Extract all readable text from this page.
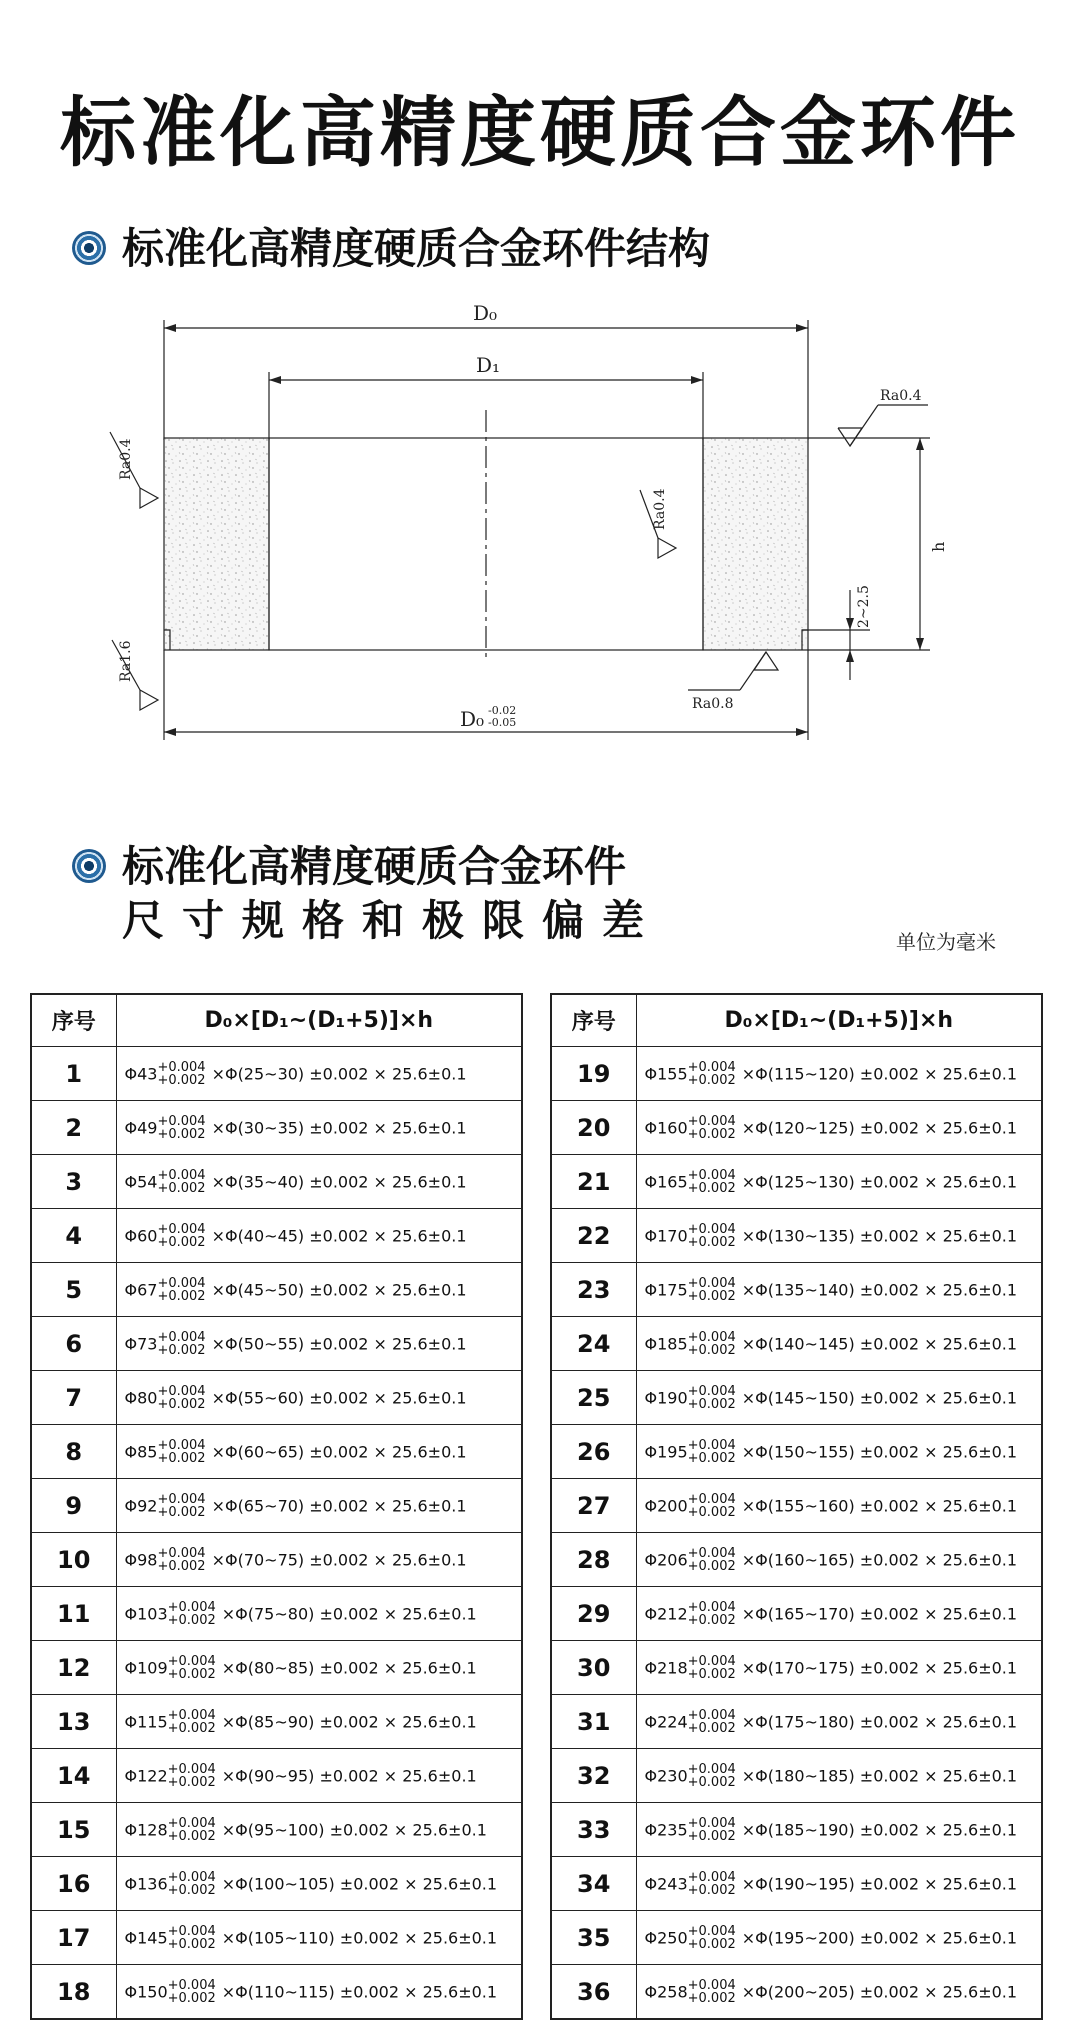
标准化高精度硬质合金环件
标准化高精度硬质合金环件结构
D₀
D₁
D₀ -0.02
-0.05
h
2~2.5
Ra0.4
Ra0.4
Ra0.4
Ra1.6
Ra0.8
标准化高精度硬质合金环件
尺寸规格和极限偏差	单位为毫米
序号	D₀×[D₁~(D₁+5)]×h
1	Φ43 +0.004
+0.002 ×Φ(25~30) ±0.002 × 25.6±0.1
2	Φ49 +0.004
+0.002 ×Φ(30~35) ±0.002 × 25.6±0.1
3	Φ54 +0.004
+0.002 ×Φ(35~40) ±0.002 × 25.6±0.1
4	Φ60 +0.004
+0.002 ×Φ(40~45) ±0.002 × 25.6±0.1
5	Φ67 +0.004
+0.002 ×Φ(45~50) ±0.002 × 25.6±0.1
6	Φ73 +0.004
+0.002 ×Φ(50~55) ±0.002 × 25.6±0.1
7	Φ80 +0.004
+0.002 ×Φ(55~60) ±0.002 × 25.6±0.1
8	Φ85 +0.004
+0.002 ×Φ(60~65) ±0.002 × 25.6±0.1
9	Φ92 +0.004
+0.002 ×Φ(65~70) ±0.002 × 25.6±0.1
10	Φ98 +0.004
+0.002 ×Φ(70~75) ±0.002 × 25.6±0.1
11	Φ103 +0.004
+0.002 ×Φ(75~80) ±0.002 × 25.6±0.1
12	Φ109 +0.004
+0.002 ×Φ(80~85) ±0.002 × 25.6±0.1
13	Φ115 +0.004
+0.002 ×Φ(85~90) ±0.002 × 25.6±0.1
14	Φ122 +0.004
+0.002 ×Φ(90~95) ±0.002 × 25.6±0.1
15	Φ128 +0.004
+0.002 ×Φ(95~100) ±0.002 × 25.6±0.1
16	Φ136 +0.004
+0.002 ×Φ(100~105) ±0.002 × 25.6±0.1
17	Φ145 +0.004
+0.002 ×Φ(105~110) ±0.002 × 25.6±0.1
18	Φ150 +0.004
+0.002 ×Φ(110~115) ±0.002 × 25.6±0.1
序号	D₀×[D₁~(D₁+5)]×h
19	Φ155 +0.004
+0.002 ×Φ(115~120) ±0.002 × 25.6±0.1
20	Φ160 +0.004
+0.002 ×Φ(120~125) ±0.002 × 25.6±0.1
21	Φ165 +0.004
+0.002 ×Φ(125~130) ±0.002 × 25.6±0.1
22	Φ170 +0.004
+0.002 ×Φ(130~135) ±0.002 × 25.6±0.1
23	Φ175 +0.004
+0.002 ×Φ(135~140) ±0.002 × 25.6±0.1
24	Φ185 +0.004
+0.002 ×Φ(140~145) ±0.002 × 25.6±0.1
25	Φ190 +0.004
+0.002 ×Φ(145~150) ±0.002 × 25.6±0.1
26	Φ195 +0.004
+0.002 ×Φ(150~155) ±0.002 × 25.6±0.1
27	Φ200 +0.004
+0.002 ×Φ(155~160) ±0.002 × 25.6±0.1
28	Φ206 +0.004
+0.002 ×Φ(160~165) ±0.002 × 25.6±0.1
29	Φ212 +0.004
+0.002 ×Φ(165~170) ±0.002 × 25.6±0.1
30	Φ218 +0.004
+0.002 ×Φ(170~175) ±0.002 × 25.6±0.1
31	Φ224 +0.004
+0.002 ×Φ(175~180) ±0.002 × 25.6±0.1
32	Φ230 +0.004
+0.002 ×Φ(180~185) ±0.002 × 25.6±0.1
33	Φ235 +0.004
+0.002 ×Φ(185~190) ±0.002 × 25.6±0.1
34	Φ243 +0.004
+0.002 ×Φ(190~195) ±0.002 × 25.6±0.1
35	Φ250 +0.004
+0.002 ×Φ(195~200) ±0.002 × 25.6±0.1
36	Φ258 +0.004
+0.002 ×Φ(200~205) ±0.002 × 25.6±0.1
